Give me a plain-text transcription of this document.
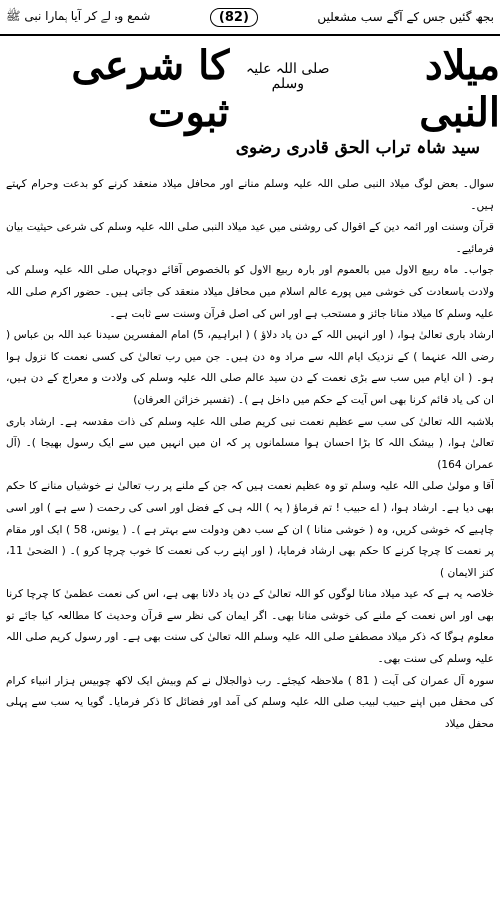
بجھ گئیں جس کے آگے سب مشعلیں
(82)
شمع وہ لے کر آیا ہمارا نبی ﷺ
میلاد النبی
صلی اللہ علیہ وسلم
کا شرعی ثبوت
سید شاہ تراب الحق قادری رضوی

سوال۔ بعض لوگ میلاد النبی صلی اللہ علیہ وسلم منانے اور محافل میلاد منعقد کرنے کو بدعت وحرام کہتے ہیں۔

قرآن وسنت اور ائمہ دین کے اقوال کی روشنی میں عید میلاد النبی صلی اللہ علیہ وسلم کی شرعی حیثیت بیان فرمائیے۔

جواب۔ ماہ ربیع الاول میں بالعموم اور بارہ ربیع الاول کو بالخصوص آقائے دوجہاں صلی اللہ علیہ وسلم کی ولادت باسعادت کی خوشی میں پورے عالم اسلام میں محافل میلاد منعقد کی جاتی ہیں۔ حضور اکرم صلی اللہ علیہ وسلم کا میلاد منانا جائز و مستحب ہے اور اس کی اصل قرآن وسنت سے ثابت ہے۔

ارشاد باری تعالیٰ ہوا، ( اور انہیں اللہ کے دن یاد دلاؤ ) ( ابراہیم، 5) امام المفسرین سیدنا عبد اللہ بن عباس ( رضی اللہ عنہما ) کے نزدیک ایام اللہ سے مراد وہ دن ہیں۔ جن میں رب تعالیٰ کی کسی نعمت کا نزول ہوا ہو۔ ( ان ایام میں سب سے بڑی نعمت کے دن سید عالم صلی اللہ علیہ وسلم کی ولادت و معراج کے دن ہیں، ان کی یاد قائم کرنا بھی اس آیت کے حکم میں داخل ہے )۔ (تفسیر خزائن العرفان)

بلاشبہ اللہ تعالیٰ کی سب سے عظیم نعمت نبی کریم صلی اللہ علیہ وسلم کی ذات مقدسہ ہے۔ ارشاد باری تعالیٰ ہوا، ( بیشک اللہ کا بڑا احسان ہوا مسلمانوں پر کہ ان میں انہیں میں سے ایک رسول بھیجا )۔ (آل عمران 164)

آقا و مولیٰ صلی اللہ علیہ وسلم تو وہ عظیم نعمت ہیں کہ جن کے ملنے پر رب تعالیٰ نے خوشیاں منانے کا حکم بھی دیا ہے۔ ارشاد ہوا، ( اے حبیب ! تم فرماؤ ( یہ ) اللہ ہی کے فضل اور اسی کی رحمت ( سے ہے ) اور اسی چاہیے کہ خوشی کریں، وہ ( خوشی منانا ) ان کے سب دھن ودولت سے بہتر ہے )۔ ( یونس، 58 ) ایک اور مقام پر نعمت کا چرچا کرنے کا حکم بھی ارشاد فرمایا، ( اور اپنے رب کی نعمت کا خوب چرچا کرو )۔ ( الضحیٰ 11، کنز الایمان )

خلاصہ یہ ہے کہ عید میلاد منانا لوگوں کو اللہ تعالیٰ کے دن یاد دلانا بھی ہے، اس کی نعمت عظمیٰ کا چرچا کرنا بھی اور اس نعمت کے ملنے کی خوشی منانا بھی۔ اگر ایمان کی نظر سے قرآن وحدیث کا مطالعہ کیا جائے تو معلوم ہوگا کہ ذکر میلاد مصطفےٰ صلی اللہ علیہ وسلم اللہ تعالیٰ کی سنت بھی ہے۔ اور رسول کریم صلی اللہ علیہ وسلم کی سنت بھی۔

سورہ آل عمران کی آیت ( 81 ) ملاحظہ کیجئے۔ رب ذوالجلال نے کم وبیش ایک لاکھ چوبیس ہزار انبیاء کرام کی محفل میں اپنے حبیب لبیب صلی اللہ علیہ وسلم کی آمد اور فضائل کا ذکر فرمایا۔ گویا یہ سب سے پہلی محفل میلاد
